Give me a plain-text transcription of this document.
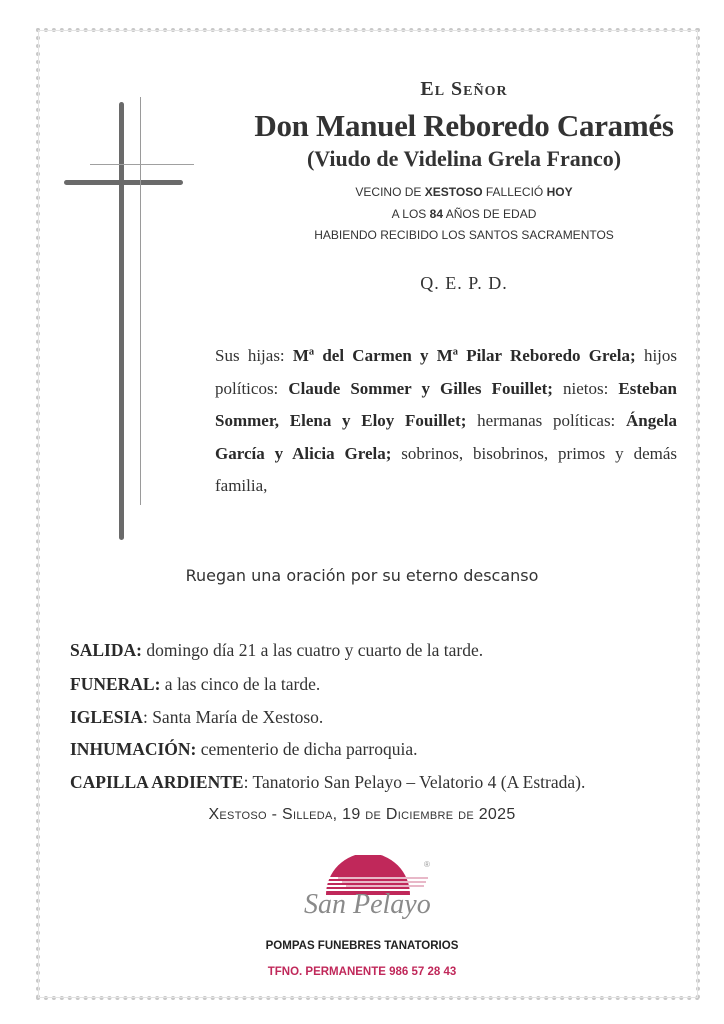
El Señor
Don Manuel Reboredo Caramés
(Viudo de Videlina Grela Franco)
VECINO DE XESTOSO FALLECIÓ HOY
A LOS 84 AÑOS DE EDAD
HABIENDO RECIBIDO LOS SANTOS SACRAMENTOS
Q. E. P. D.
Sus hijas: Mª del Carmen y Mª Pilar Reboredo Grela; hijos políticos: Claude Sommer y Gilles Fouillet; nietos: Esteban Sommer, Elena y Eloy Fouillet; hermanas políticas: Ángela García y Alicia Grela; sobrinos, bisobrinos, primos y demás familia,
Ruegan una oración por su eterno descanso
SALIDA: domingo día 21 a las cuatro y cuarto de la tarde.
FUNERAL: a las cinco de la tarde.
IGLESIA: Santa María de Xestoso.
INHUMACIÓN: cementerio de dicha parroquia.
CAPILLA ARDIENTE: Tanatorio San Pelayo – Velatorio 4 (A Estrada).
Xestoso - Silleda, 19 de Diciembre de 2025
®
San Pelayo
POMPAS FUNEBRES TANATORIOS
TFNO. PERMANENTE 986 57 28 43
